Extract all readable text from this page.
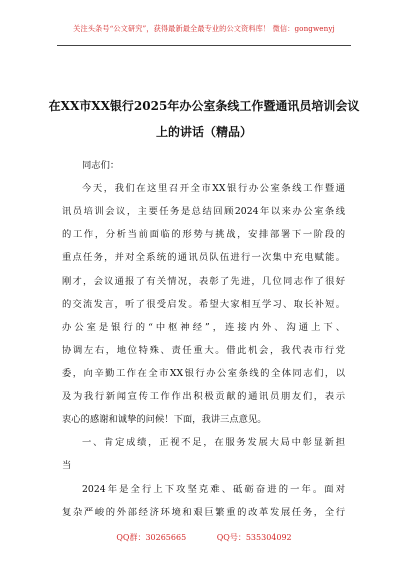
关注头条号“公文研究”，获得最新最全最专业的公文资料库！ 微信：gongwenyj
在XX市XX银行2025年办公室条线工作暨通讯员培训会议
上的讲话（精品）
同志们：
今天，我们在这里召开全市XX银行办公室条线工作暨通
讯员培训会议，主要任务是总结回顾2024年以来办公室条线
的工作，分析当前面临的形势与挑战，安排部署下一阶段的
重点任务，并对全系统的通讯员队伍进行一次集中充电赋能。
刚才，会议通报了有关情况，表彰了先进，几位同志作了很好
的交流发言，听了很受启发。希望大家相互学习、取长补短。
办公室是银行的“中枢神经”，连接内外、沟通上下、
协调左右，地位特殊、责任重大。借此机会，我代表市行党
委，向辛勤工作在全市XX银行办公室条线的全体同志们，以
及为我行新闻宣传工作作出积极贡献的通讯员朋友们，表示
衷心的感谢和诚挚的问候！下面，我讲三点意见。
一、肯定成绩，正视不足，在服务发展大局中彰显新担
当
2024年是全行上下攻坚克难、砥砺奋进的一年。面对
复杂严峻的外部经济环境和艰巨繁重的改革发展任务，全行
QQ群：30265665	QQ号：535304092
